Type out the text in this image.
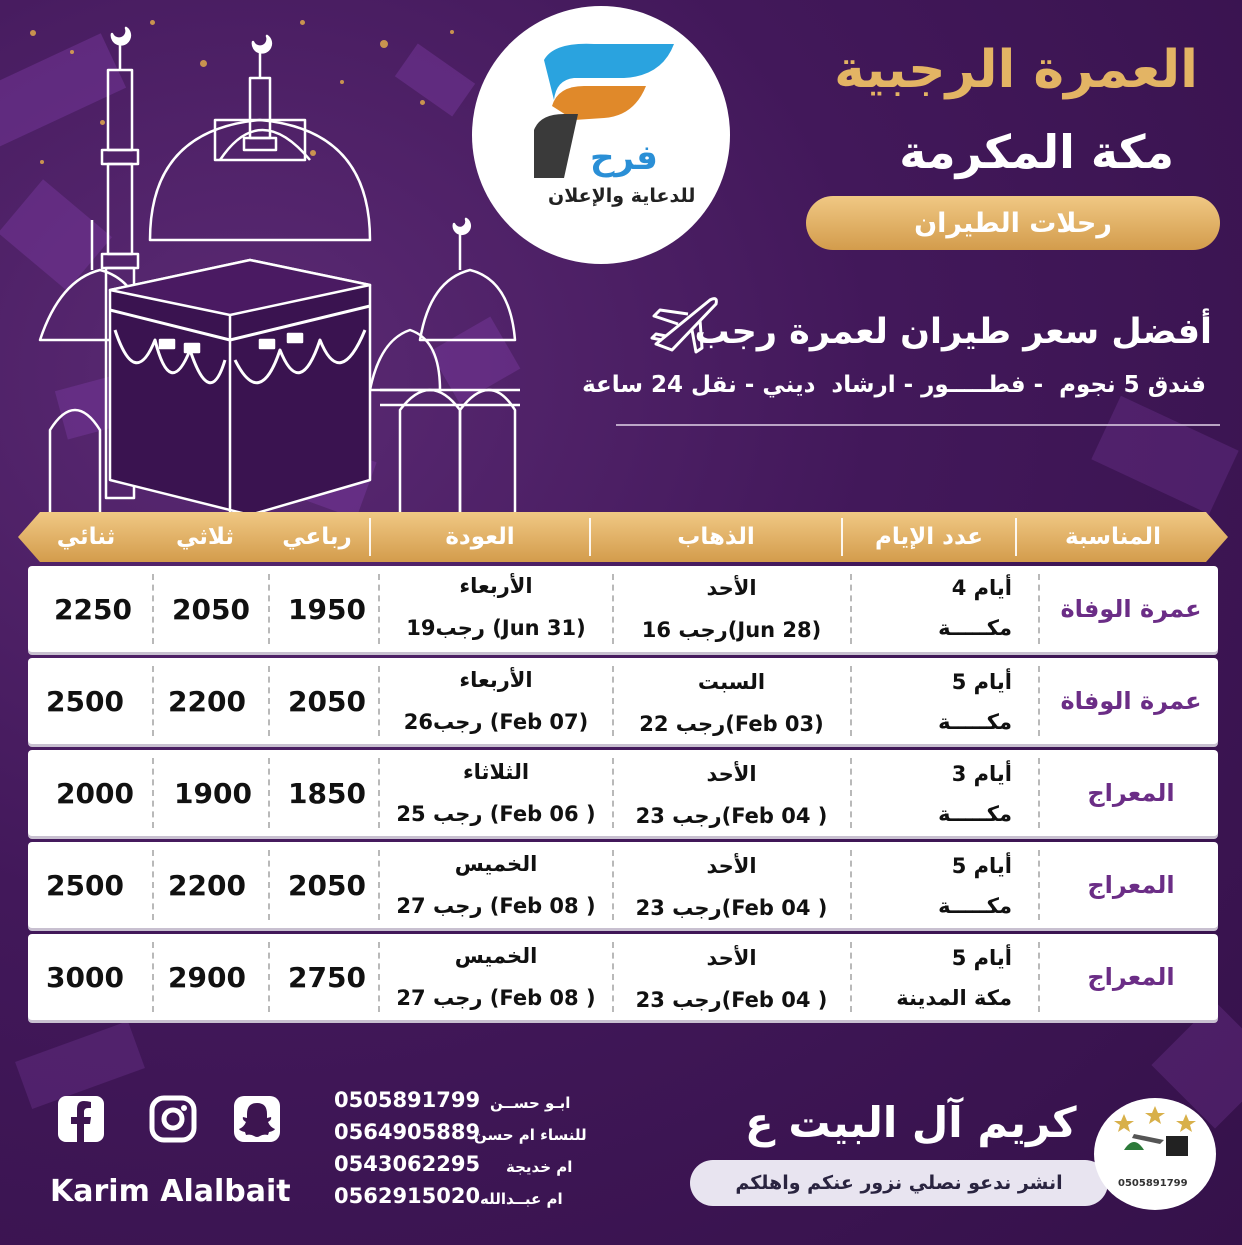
فرح
للدعاية والإعلان
العمرة الرجبية
مكة المكرمة
رحلات الطيران
أفضل سعر طيران لعمرة رجب
فندق 5 نجوم  - فطـــــور - ارشاد  ديني - نقل 24 ساعة
المناسبة
عدد الإيام
الذهاب
العودة
رباعي
ثلاثي
ثنائي
عمرة الوفاة
4 أيام
مكـــــة
الأحد
16 رجب(Jun 28)
الأربعاء
19رجب (Jun 31)
1950
2050
2250
عمرة الوفاة
5 أيام
مكـــــة
السبت
22 رجب(Feb 03)
الأربعاء
26رجب (Feb 07)
2050
2200
2500
المعراج
3 أيام
مكـــــة
الأحد
23 رجب(Feb 04 )
الثلاثاء
25 رجب (Feb 06 )
1850
1900
2000
المعراج
5 أيام
مكـــــة
الأحد
23 رجب(Feb 04 )
الخميس
27 رجب (Feb 08 )
2050
2200
2500
المعراج
5 أيام
مكة المدينة
الأحد
23 رجب(Feb 04 )
الخميس
27 رجب (Feb 08 )
2750
2900
3000
Karim Alalbait
0505891799 ابـو حســن
0564905889
للنساء ام حسن
0543062295 ام خديجة
0562915020 ام عبــدالله
كريم آل البيت ع
انشر ندعو نصلي نزور عنكم واهلكم	0505891799
